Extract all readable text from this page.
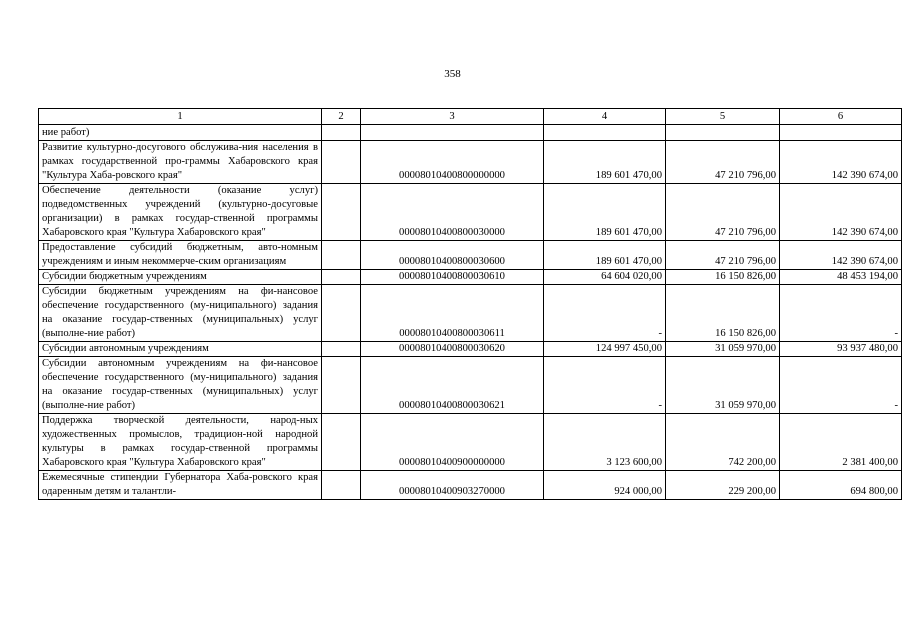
358
1	2	3	4	5	6
ние работ)					
Развитие культурно-досугового обслужива-ния населения в рамках государственной про-граммы Хабаровского края "Культура Хаба-ровского края"		00008010400800000000	189 601 470,00	47 210 796,00	142 390 674,00
Обеспечение деятельности (оказание услуг) подведомственных учреждений (культурно-досуговые организации) в рамках государ-ственной программы Хабаровского края "Культура Хабаровского края"		00008010400800030000	189 601 470,00	47 210 796,00	142 390 674,00
Предоставление субсидий бюджетным, авто-номным учреждениям и иным некоммерче-ским организациям		00008010400800030600	189 601 470,00	47 210 796,00	142 390 674,00
Субсидии бюджетным учреждениям		00008010400800030610	64 604 020,00	16 150 826,00	48 453 194,00
Субсидии бюджетным учреждениям на фи-нансовое обеспечение государственного (му-ниципального) задания на оказание государ-ственных (муниципальных) услуг (выполне-ние работ)		00008010400800030611	-	16 150 826,00	-
Субсидии автономным учреждениям		00008010400800030620	124 997 450,00	31 059 970,00	93 937 480,00
Субсидии автономным учреждениям на фи-нансовое обеспечение государственного (му-ниципального) задания на оказание государ-ственных (муниципальных) услуг (выполне-ние работ)		00008010400800030621	-	31 059 970,00	-
Поддержка творческой деятельности, народ-ных художественных промыслов, традицион-ной народной культуры в рамках государ-ственной программы Хабаровского края "Культура Хабаровского края"		00008010400900000000	3 123 600,00	742 200,00	2 381 400,00
Ежемесячные стипендии Губернатора Хаба-ровского края одаренным детям и талантли-		00008010400903270000	924 000,00	229 200,00	694 800,00
